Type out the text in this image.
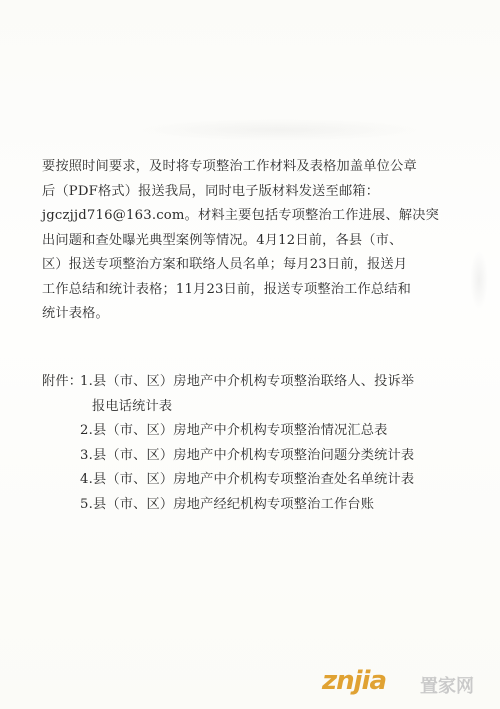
要按照时间要求，及时将专项整治工作材料及表格加盖单位公章
后（PDF格式）报送我局，同时电子版材料发送至邮箱：
jgczjjd716@163.com。材料主要包括专项整治工作进展、解决突
出问题和查处曝光典型案例等情况。4月12日前，各县（市、
区）报送专项整治方案和联络人员名单；每月23日前，报送月
工作总结和统计表格；11月23日前，报送专项整治工作总结和
统计表格。
附件：
1.县（市、区）房地产中介机构专项整治联络人、投诉举
报电话统计表
2.县（市、区）房地产中介机构专项整治情况汇总表
3.县（市、区）房地产中介机构专项整治问题分类统计表
4.县（市、区）房地产中介机构专项整治查处名单统计表
5.县（市、区）房地产经纪机构专项整治工作台账
znjia 置家网
